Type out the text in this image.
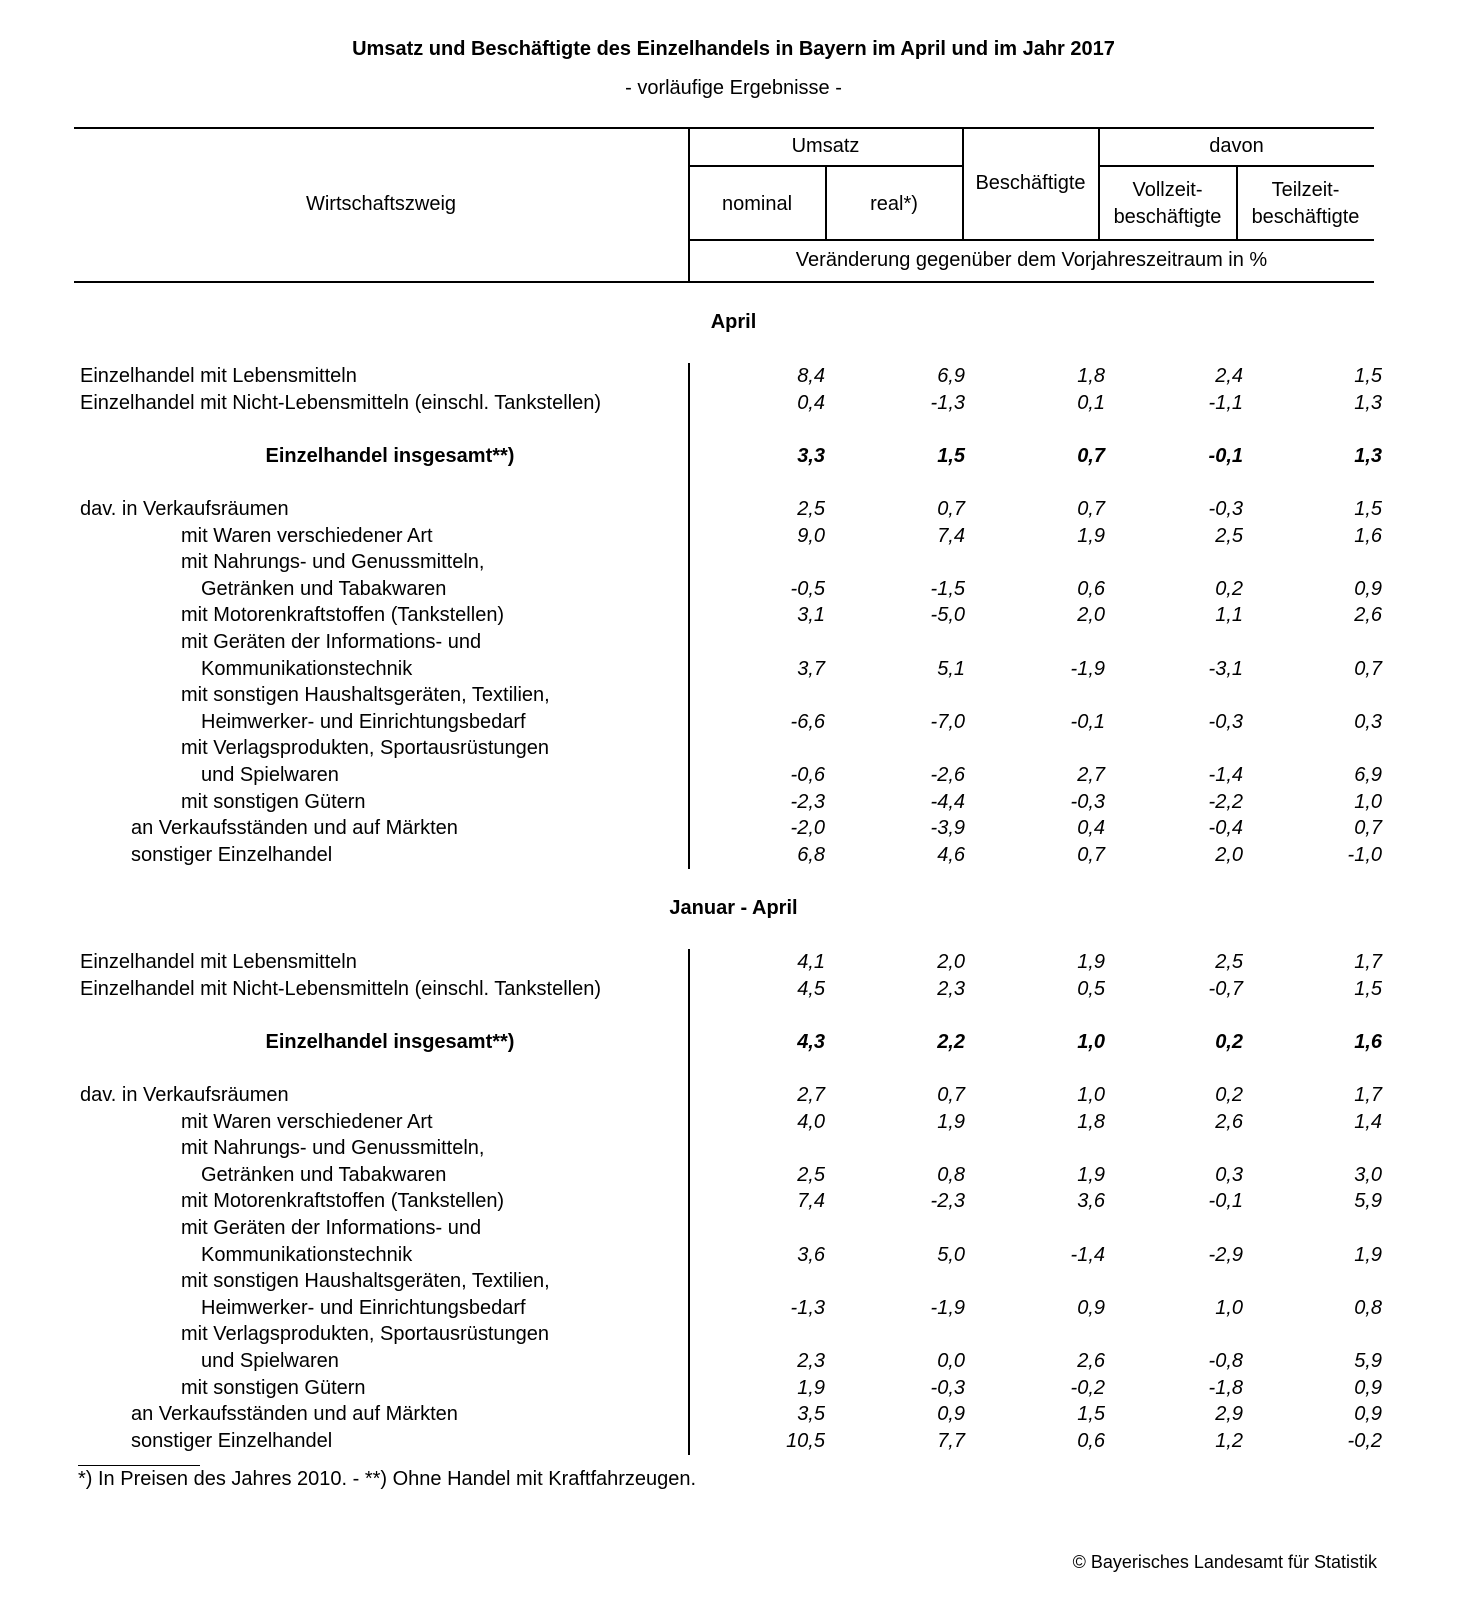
Umsatz und Beschäftigte des Einzelhandels in Bayern im April und im Jahr 2017
- vorläufige Ergebnisse -
Wirtschaftszweig
Umsatz
nominal	real*)
Beschäftigte
davon
Vollzeit-
beschäftigte
Teilzeit-
beschäftigte
Veränderung gegenüber dem Vorjahreszeitraum in %
April
Einzelhandel mit Lebensmitteln	8,4	6,9	1,8	2,4	1,5
Einzelhandel mit Nicht-Lebensmitteln (einschl. Tankstellen)	0,4	-1,3	0,1	-1,1	1,3
Einzelhandel insgesamt**)	3,3	1,5	0,7	-0,1	1,3
dav. in Verkaufsräumen	2,5	0,7	0,7	-0,3	1,5
mit Waren verschiedener Art	9,0	7,4	1,9	2,5	1,6
mit Nahrungs- und Genussmitteln,
Getränken und Tabakwaren	-0,5	-1,5	0,6	0,2	0,9
mit Motorenkraftstoffen (Tankstellen)	3,1	-5,0	2,0	1,1	2,6
mit Geräten der Informations- und
Kommunikationstechnik	3,7	5,1	-1,9	-3,1	0,7
mit sonstigen Haushaltsgeräten, Textilien,
Heimwerker- und Einrichtungsbedarf	-6,6	-7,0	-0,1	-0,3	0,3
mit Verlagsprodukten, Sportausrüstungen
und Spielwaren	-0,6	-2,6	2,7	-1,4	6,9
mit sonstigen Gütern	-2,3	-4,4	-0,3	-2,2	1,0
an Verkaufsständen und auf Märkten	-2,0	-3,9	0,4	-0,4	0,7
sonstiger Einzelhandel	6,8	4,6	0,7	2,0	-1,0
Januar - April
Einzelhandel mit Lebensmitteln	4,1	2,0	1,9	2,5	1,7
Einzelhandel mit Nicht-Lebensmitteln (einschl. Tankstellen)	4,5	2,3	0,5	-0,7	1,5
Einzelhandel insgesamt**)	4,3	2,2	1,0	0,2	1,6
dav. in Verkaufsräumen	2,7	0,7	1,0	0,2	1,7
mit Waren verschiedener Art	4,0	1,9	1,8	2,6	1,4
mit Nahrungs- und Genussmitteln,
Getränken und Tabakwaren	2,5	0,8	1,9	0,3	3,0
mit Motorenkraftstoffen (Tankstellen)	7,4	-2,3	3,6	-0,1	5,9
mit Geräten der Informations- und
Kommunikationstechnik	3,6	5,0	-1,4	-2,9	1,9
mit sonstigen Haushaltsgeräten, Textilien,
Heimwerker- und Einrichtungsbedarf	-1,3	-1,9	0,9	1,0	0,8
mit Verlagsprodukten, Sportausrüstungen
und Spielwaren	2,3	0,0	2,6	-0,8	5,9
mit sonstigen Gütern	1,9	-0,3	-0,2	-1,8	0,9
an Verkaufsständen und auf Märkten	3,5	0,9	1,5	2,9	0,9
sonstiger Einzelhandel	10,5	7,7	0,6	1,2	-0,2
*) In Preisen des Jahres 2010. - **) Ohne Handel mit Kraftfahrzeugen.
© Bayerisches Landesamt für Statistik
